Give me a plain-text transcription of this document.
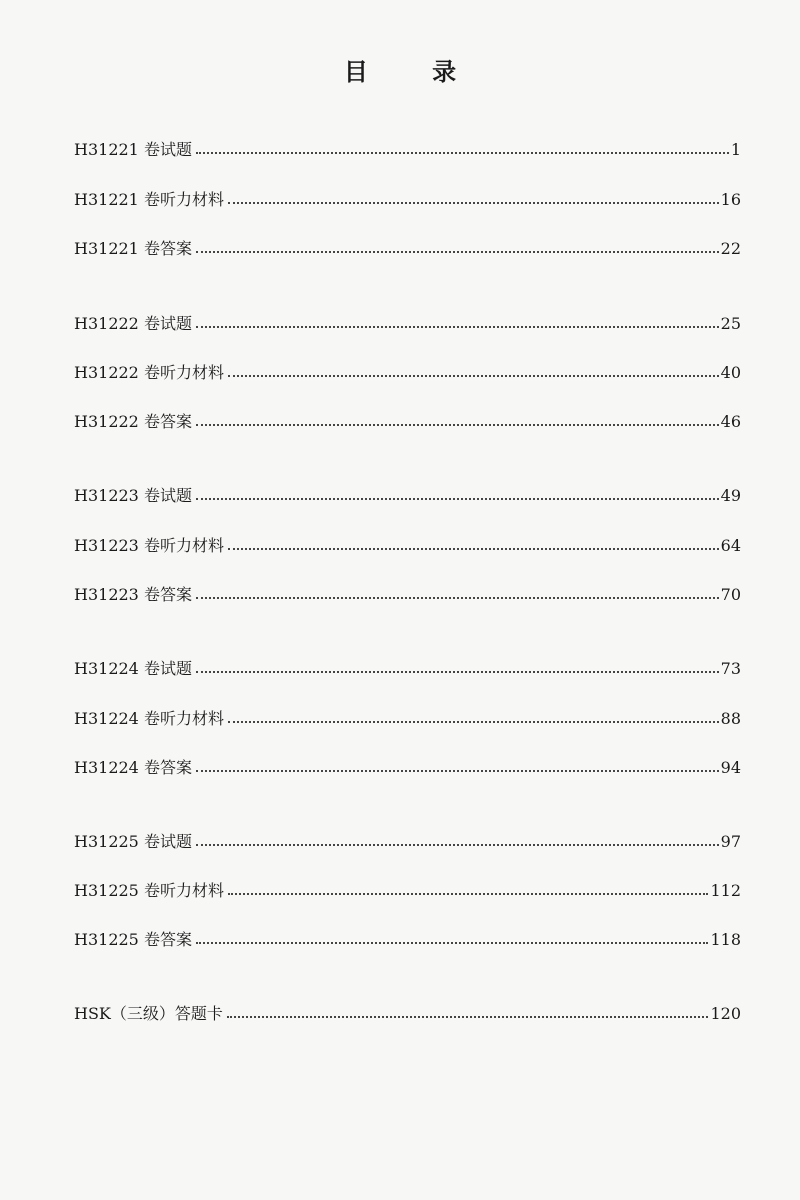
目 录
H31221 卷试题	1
H31221 卷听力材料	16
H31221 卷答案	22
H31222 卷试题	25
H31222 卷听力材料	40
H31222 卷答案	46
H31223 卷试题	49
H31223 卷听力材料	64
H31223 卷答案	70
H31224 卷试题	73
H31224 卷听力材料	88
H31224 卷答案	94
H31225 卷试题	97
H31225 卷听力材料	112
H31225 卷答案	118
HSK（三级）答题卡	120
